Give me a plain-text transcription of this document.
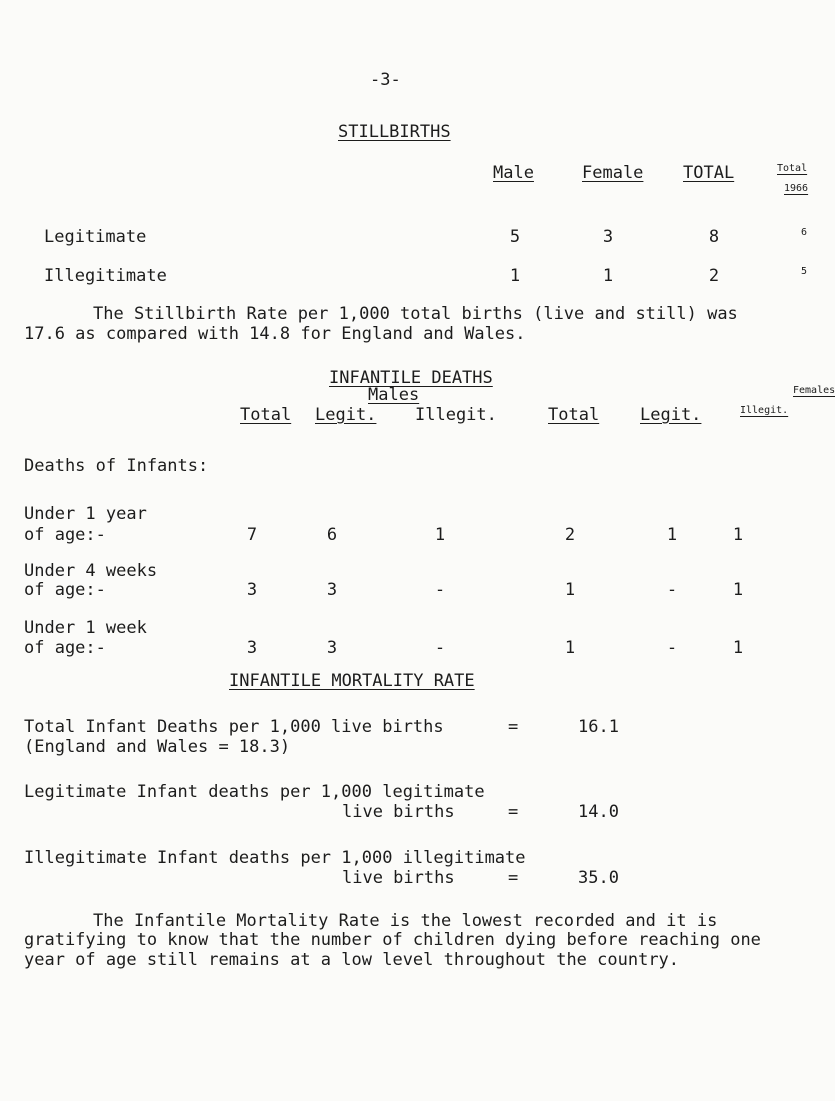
-3-
STILLBIRTHS
Male	Female TOTAL	Total
1966
Legitimate	5	3	8	6
Illegitimate	1	1	2	5
The Stillbirth Rate per 1,000 total births (live and still) was
17.6 as compared with 14.8 for England and Wales.
INFANTILE DEATHS
Males	Females
Total Legit. Illegit.	Total Legit.	Illegit.
Deaths of Infants:
Under 1 year
of age:-	7	6	1	2	1	1
Under 4 weeks
of age:-	3	3	-	1	-	1
Under 1 week
of age:-	3	3	-	1	-	1
INFANTILE MORTALITY RATE
Total Infant Deaths per 1,000 live births	=	16.1
(England and Wales = 18.3)
Legitimate Infant deaths per 1,000 legitimate
live births	=	14.0
Illegitimate Infant deaths per 1,000 illegitimate
live births	=	35.0
The Infantile Mortality Rate is the lowest recorded and it is
gratifying to know that the number of children dying before reaching one
year of age still remains at a low level throughout the country.
